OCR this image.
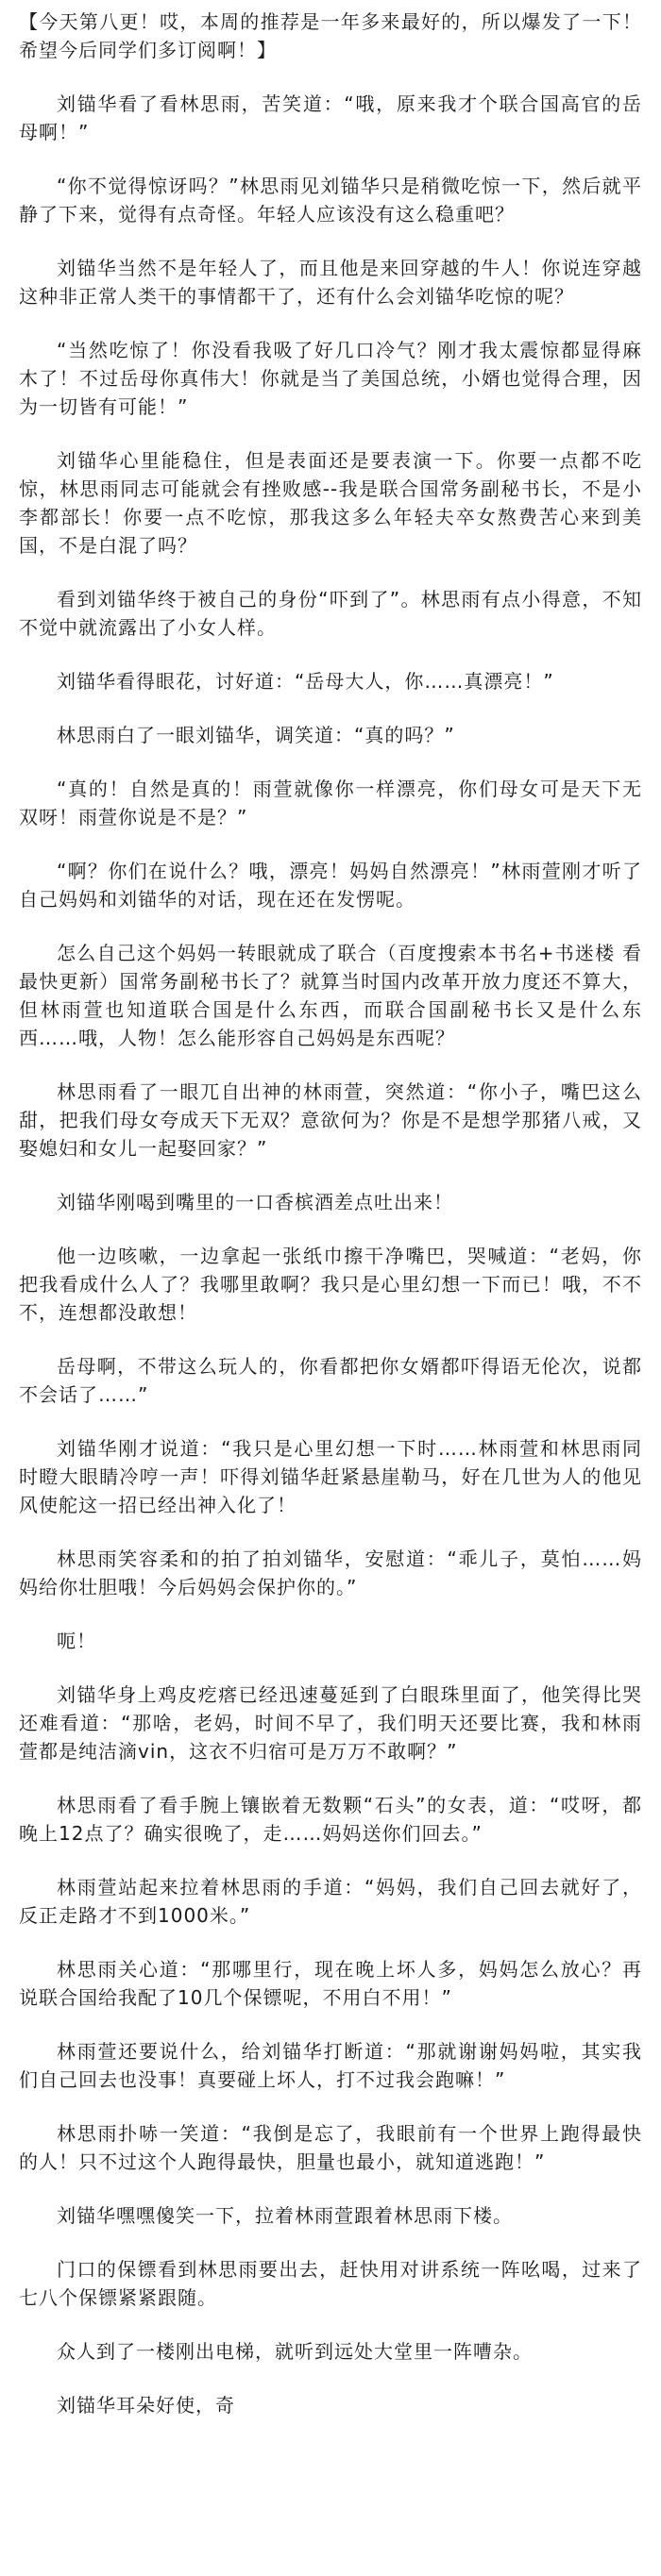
【今天第八更！哎，本周的推荐是一年多来最好的，所以爆发了一下！希望今后同学们多订阅啊！】

刘锚华看了看林思雨，苦笑道：“哦，原来我才个联合国高官的岳母啊！”

“你不觉得惊讶吗？”林思雨见刘锚华只是稍微吃惊一下，然后就平静了下来，觉得有点奇怪。年轻人应该没有这么稳重吧？

刘锚华当然不是年轻人了，而且他是来回穿越的牛人！你说连穿越这种非正常人类干的事情都干了，还有什么会刘锚华吃惊的呢？

“当然吃惊了！你没看我吸了好几口冷气？刚才我太震惊都显得麻木了！不过岳母你真伟大！你就是当了美国总统，小婿也觉得合理，因为一切皆有可能！”

刘锚华心里能稳住，但是表面还是要表演一下。你要一点都不吃惊，林思雨同志可能就会有挫败感--我是联合国常务副秘书长，不是小李都部长！你要一点不吃惊，那我这多么年轻夫卒女熬费苦心来到美国，不是白混了吗？

看到刘锚华终于被自己的身份“吓到了”。林思雨有点小得意，不知不觉中就流露出了小女人样。

刘锚华看得眼花，讨好道：“岳母大人，你……真漂亮！”

林思雨白了一眼刘锚华，调笑道：“真的吗？”

“真的！自然是真的！雨萱就像你一样漂亮，你们母女可是天下无双呀！雨萱你说是不是？”

“啊？你们在说什么？哦，漂亮！妈妈自然漂亮！”林雨萱刚才听了自己妈妈和刘锚华的对话，现在还在发愣呢。

怎么自己这个妈妈一转眼就成了联合（百度搜索本书名+书迷楼 看最快更新）国常务副秘书长了？就算当时国内改革开放力度还不算大，但林雨萱也知道联合国是什么东西，而联合国副秘书长又是什么东西……哦，人物！怎么能形容自己妈妈是东西呢？

林思雨看了一眼兀自出神的林雨萱，突然道：“你小子，嘴巴这么甜，把我们母女夸成天下无双？意欲何为？你是不是想学那猪八戒，又娶媳妇和女儿一起娶回家？”

刘锚华刚喝到嘴里的一口香槟酒差点吐出来！

他一边咳嗽，一边拿起一张纸巾擦干净嘴巴，哭喊道：“老妈，你把我看成什么人了？我哪里敢啊？我只是心里幻想一下而已！哦，不不不，连想都没敢想！

岳母啊，不带这么玩人的，你看都把你女婿都吓得语无伦次，说都不会话了……”

刘锚华刚才说道：“我只是心里幻想一下时……林雨萱和林思雨同时瞪大眼睛冷哼一声！吓得刘锚华赶紧悬崖勒马，好在几世为人的他见风使舵这一招已经出神入化了！

林思雨笑容柔和的拍了拍刘锚华，安慰道：“乖儿子，莫怕……妈妈给你壮胆哦！今后妈妈会保护你的。”

呃！

刘锚华身上鸡皮疙瘩已经迅速蔓延到了白眼珠里面了，他笑得比哭还难看道：“那啥，老妈，时间不早了，我们明天还要比赛，我和林雨萱都是纯洁滴vin，这衣不归宿可是万万不敢啊？”

林思雨看了看手腕上镶嵌着无数颗“石头”的女表，道：“哎呀，都晚上12点了？确实很晚了，走……妈妈送你们回去。”

林雨萱站起来拉着林思雨的手道：“妈妈，我们自己回去就好了，反正走路才不到1000米。”

林思雨关心道：“那哪里行，现在晚上坏人多，妈妈怎么放心？再说联合国给我配了10几个保镖呢，不用白不用！”

林雨萱还要说什么，给刘锚华打断道：“那就谢谢妈妈啦，其实我们自己回去也没事！真要碰上坏人，打不过我会跑嘛！”

林思雨扑哧一笑道：“我倒是忘了，我眼前有一个世界上跑得最快的人！只不过这个人跑得最快，胆量也最小，就知道逃跑！”

刘锚华嘿嘿傻笑一下，拉着林雨萱跟着林思雨下楼。

门口的保镖看到林思雨要出去，赶快用对讲系统一阵吆喝，过来了七八个保镖紧紧跟随。

众人到了一楼刚出电梯，就听到远处大堂里一阵嘈杂。

刘锚华耳朵好使，奇
